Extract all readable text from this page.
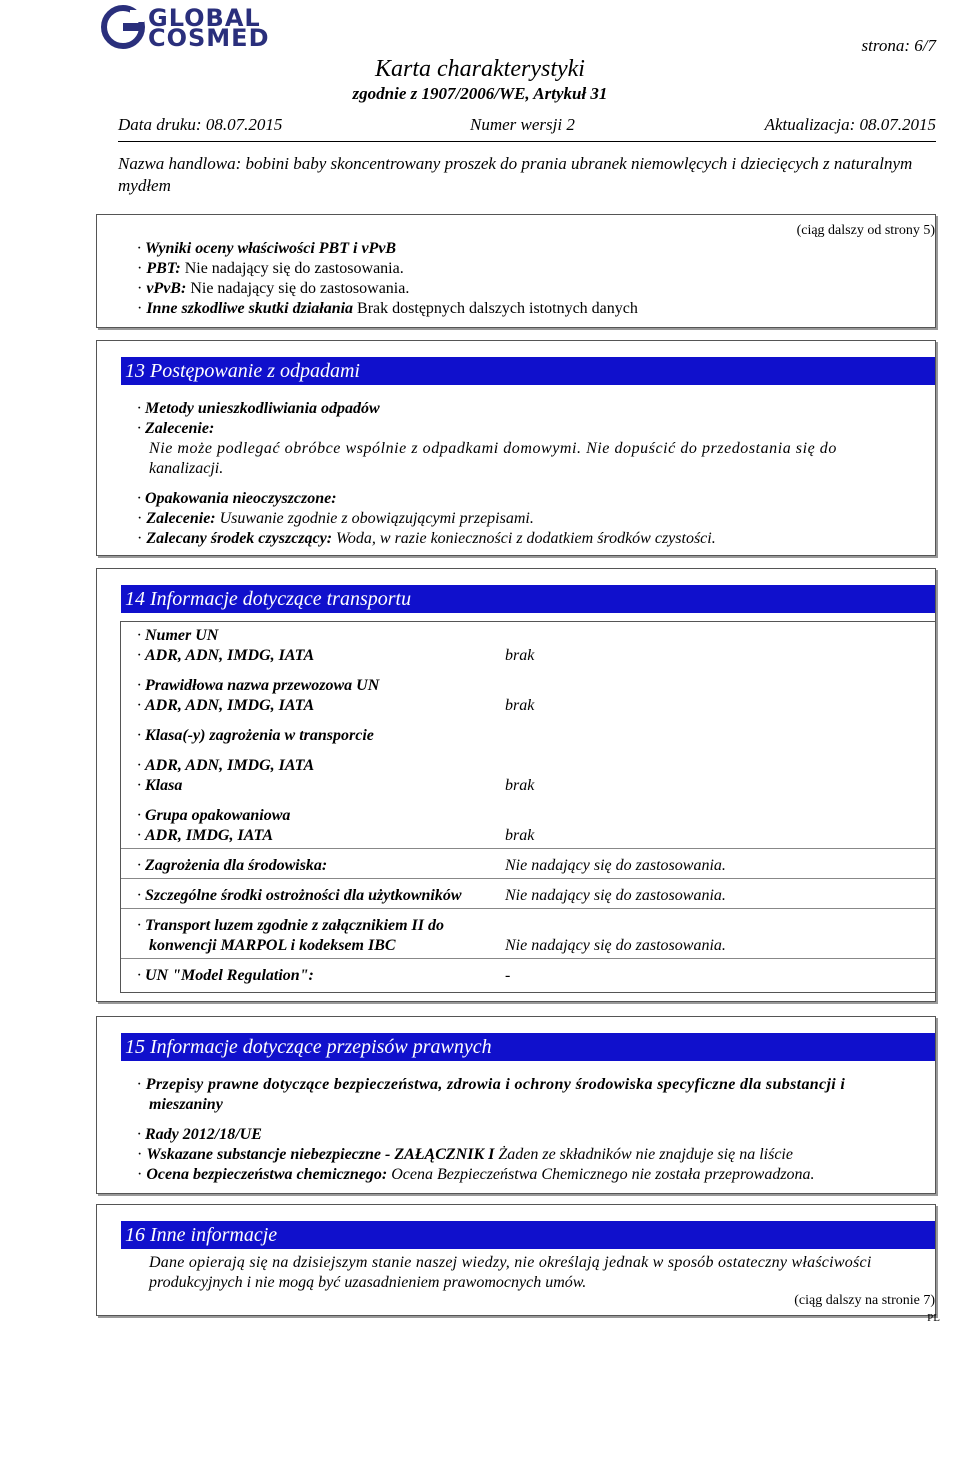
GLOBAL
COSMED	strona: 6/7
Karta charakterystyki
zgodnie z 1907/2006/WE, Artykuł 31
Data druku: 08.07.2015	Numer wersji 2	Aktualizacja: 08.07.2015
Nazwa handlowa: bobini baby skoncentrowany proszek do prania ubranek niemowlęcych i dziecięcych z naturalnym mydłem
(ciąg dalszy od strony 5)
· Wyniki oceny właściwości PBT i vPvB
· PBT: Nie nadający się do zastosowania.
· vPvB: Nie nadający się do zastosowania.
· Inne szkodliwe skutki działania Brak dostępnych dalszych istotnych danych
13 Postępowanie z odpadami
· Metody unieszkodliwiania odpadów
· Zalecenie:
Nie może podlegać obróbce wspólnie z odpadkami domowymi. Nie dopuścić do przedostania się do
kanalizacji.
· Opakowania nieoczyszczone:
· Zalecenie: Usuwanie zgodnie z obowiązującymi przepisami.
· Zalecany środek czyszczący: Woda, w razie konieczności z dodatkiem środków czystości.
14 Informacje dotyczące transportu
· Numer UN
· ADR, ADN, IMDG, IATA	brak
· Prawidłowa nazwa przewozowa UN
· ADR, ADN, IMDG, IATA	brak
· Klasa(-y) zagrożenia w transporcie
· ADR, ADN, IMDG, IATA
· Klasa	brak
· Grupa opakowaniowa
· ADR, IMDG, IATA	brak
· Zagrożenia dla środowiska:	Nie nadający się do zastosowania.
· Szczególne środki ostrożności dla użytkowników	Nie nadający się do zastosowania.
· Transport luzem zgodnie z załącznikiem II do
konwencji MARPOL i kodeksem IBC	Nie nadający się do zastosowania.
· UN "Model Regulation":	-
15 Informacje dotyczące przepisów prawnych
· Przepisy prawne dotyczące bezpieczeństwa, zdrowia i ochrony środowiska specyficzne dla substancji i
mieszaniny
· Rady 2012/18/UE
· Wskazane substancje niebezpieczne - ZAŁĄCZNIK I Żaden ze składników nie znajduje się na liście
· Ocena bezpieczeństwa chemicznego: Ocena Bezpieczeństwa Chemicznego nie została przeprowadzona.
16 Inne informacje
Dane opierają się na dzisiejszym stanie naszej wiedzy, nie określają jednak w sposób ostateczny właściwości
produkcyjnych i nie mogą być uzasadnieniem prawomocnych umów.
(ciąg dalszy na stronie 7)
PL
